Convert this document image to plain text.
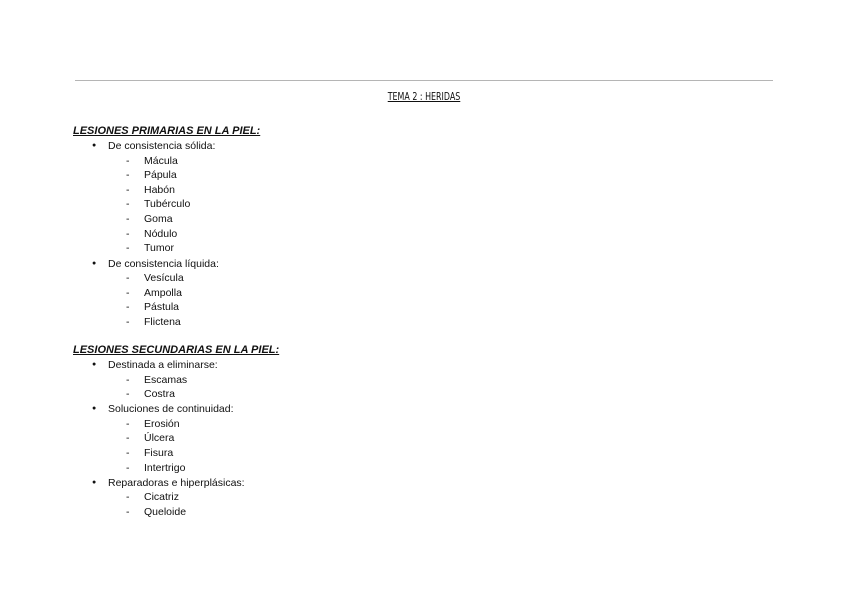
TEMA 2 : HERIDAS
LESIONES PRIMARIAS EN LA PIEL:
● De consistencia sólida:
- Mácula
- Pápula
- Habón
- Tubérculo
- Goma
- Nódulo
- Tumor
● De consistencia líquida:
- Vesícula
- Ampolla
- Pástula
- Flictena
LESIONES SECUNDARIAS EN LA PIEL:
● Destinada a eliminarse:
- Escamas
- Costra
● Soluciones de continuidad:
- Erosión
- Úlcera
- Fisura
- Intertrigo
● Reparadoras e hiperplásicas:
- Cicatriz
- Queloide
